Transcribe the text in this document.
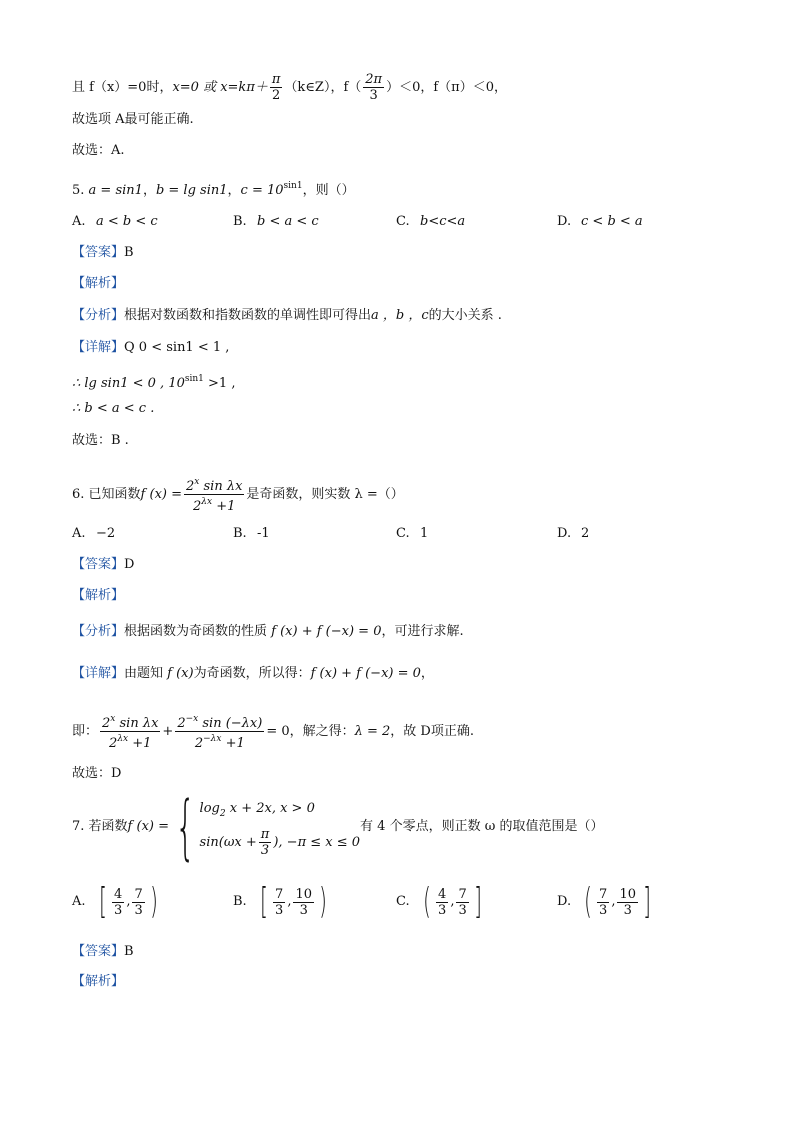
且 f（x）=0时，x=0 或 $x=k\pi+ \frac{\pi}{2}$ （k∈Z），$f( \frac{2\pi}{3} )<0$，f（π）＜0，
故选项 A最可能正确.
故选：A.
5. a = sin1，b = lg sin1，$c = 10^{sin1}$，则（）
A. a < b < c	B. b < a < c	C. b<c<a	D. c < b < a
【答案】B
【解析】
【分析】根据对数函数和指数函数的单调性即可得出a ，b ，c的大小关系 .
【详解】Q 0 < sin1 < 1 ,
∴ lg sin1 < 0 , $10^{sin1} >1$ ,
∴ b < a < c .
故选：B .
6. 已知函数f $(x) = \frac{2^x \sin \lambda x}{2^{\lambda x} +1}$ 是奇函数，则实数 λ =（）
A. −2	B. -1	C. 1	D. 2
【答案】D
【解析】
【分析】根据函数为奇函数的性质 f (x) + f (−x) = 0，可进行求解.
【详解】由题知 f (x)为奇函数，所以得：f (x) + f (−x) = 0，
即： $\frac{2^x \sin \lambda x}{2^{\lambda x} +1} + \frac{2^{-x} \sin (-\lambda x)}{2^{-\lambda x} +1} = 0$，解之得：λ = 2，故 D项正确.
故选：D
7. 若函数f (x) ={ $\log_2 x + 2x$, x > 0
$\sin(\omega x + \frac{\pi}{3}$ ), −π ≤ x ≤ 0
有 4 个零点，则正数 ω 的取值范围是（）
A. [ $\frac{4}{3}$ , $\frac{7}{3}$ )	B. [ $\frac{7}{3}$ , $\frac{10}{3}$ )	C. ( $\frac{4}{3}$ , $\frac{7}{3}$ ]	D. ( $\frac{7}{3}$ , $\frac{10}{3}$ ]
【答案】B
【解析】
